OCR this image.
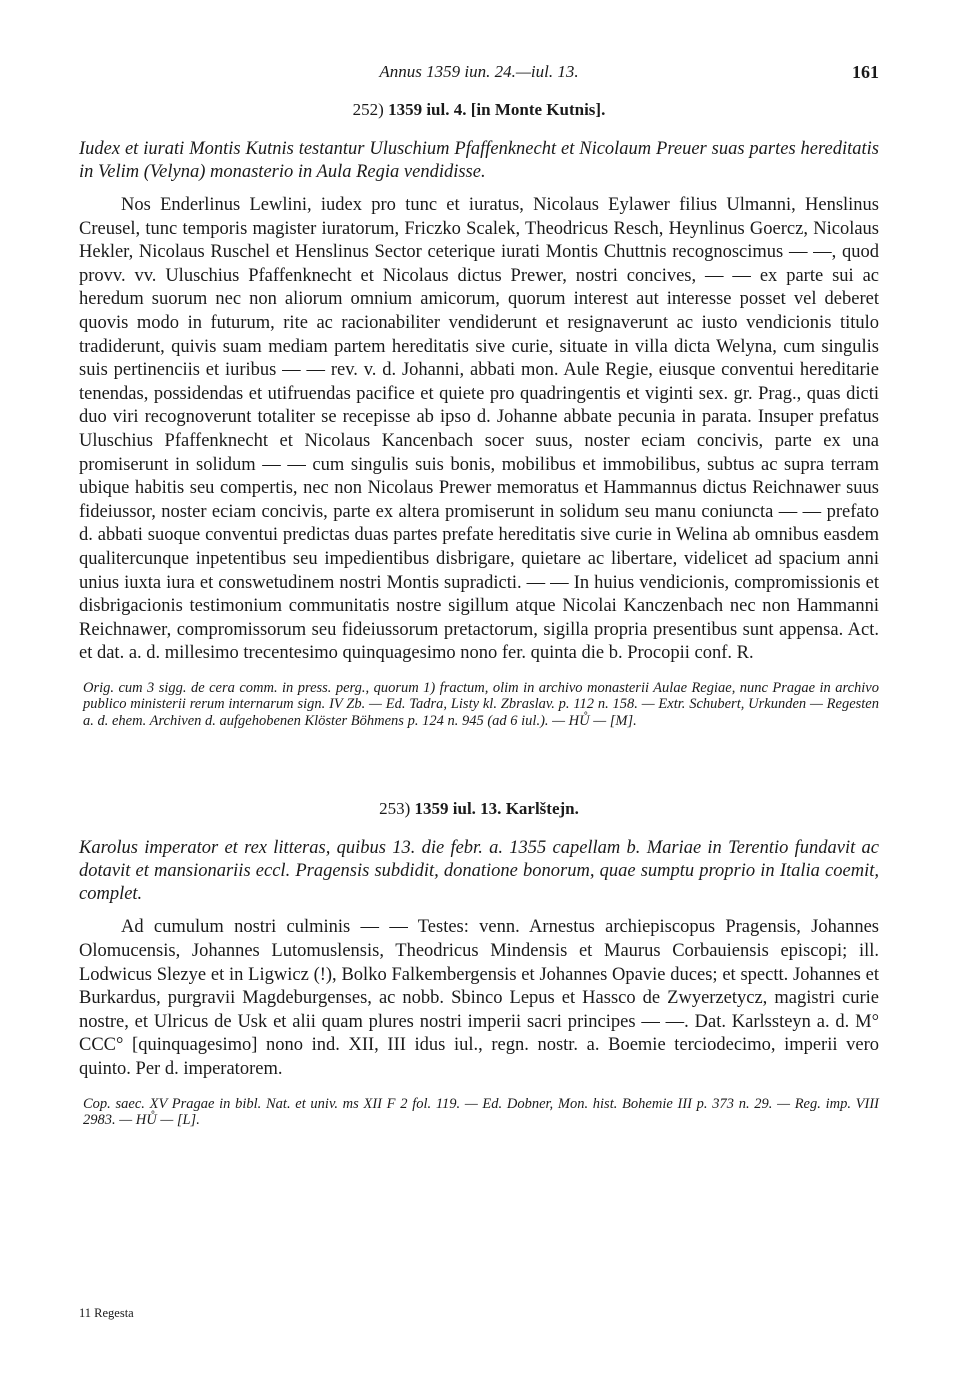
Annus 1359 iun. 24.—iul. 13.	161
252) 1359 iul. 4. [in Monte Kutnis].

Iudex et iurati Montis Kutnis testantur Uluschium Pfaffenknecht et Nicolaum Preuer suas partes hereditatis in Velim (Velyna) monasterio in Aula Regia vendidisse.

Nos Enderlinus Lewlini, iudex pro tunc et iuratus, Nicolaus Eylawer filius Ulmanni, Henslinus Creusel, tunc temporis magister iuratorum, Friczko Scalek, Theodricus Resch, Heynlinus Goercz, Nicolaus Hekler, Nicolaus Ruschel et Henslinus Sector ceterique iurati Montis Chuttnis recognoscimus — —, quod provv. vv. Uluschius Pfaffenknecht et Nicolaus dictus Prewer, nostri concives, — — ex parte sui ac heredum suorum nec non aliorum omnium amicorum, quorum interest aut interesse posset vel deberet quovis modo in futurum, rite ac racionabiliter vendiderunt et resignaverunt ac iusto vendicionis titulo tradiderunt, quivis suam mediam partem hereditatis sive curie, situate in villa dicta Welyna, cum singulis suis pertinenciis et iuribus — — rev. v. d. Johanni, abbati mon. Aule Regie, eiusque conventui hereditarie tenendas, possidendas et utifruendas pacifice et quiete pro quadringentis et viginti sex. gr. Prag., quas dicti duo viri recognoverunt totaliter se recepisse ab ipso d. Johanne abbate pecunia in parata. Insuper prefatus Uluschius Pfaffenknecht et Nicolaus Kancenbach socer suus, noster eciam concivis, parte ex una promiserunt in solidum — — cum singulis suis bonis, mobilibus et immobilibus, subtus ac supra terram ubique habitis seu compertis, nec non Nicolaus Prewer memoratus et Hammannus dictus Reichnawer suus fideiussor, noster eciam concivis, parte ex altera promiserunt in solidum seu manu coniuncta — — prefato d. abbati suoque conventui predictas duas partes prefate hereditatis sive curie in Welina ab omnibus easdem qualitercunque inpetentibus seu impedientibus disbrigare, quietare ac libertare, videlicet ad spacium anni unius iuxta iura et conswetudinem nostri Montis supradicti. — — In huius vendicionis, compromissionis et disbrigacionis testimonium communitatis nostre sigillum atque Nicolai Kanczenbach nec non Hammanni Reichnawer, compromissorum seu fideiussorum pretactorum, sigilla propria presentibus sunt appensa. Act. et dat. a. d. millesimo trecentesimo quinquagesimo nono fer. quinta die b. Procopii conf. R.

Orig. cum 3 sigg. de cera comm. in press. perg., quorum 1) fractum, olim in archivo monasterii Aulae Regiae, nunc Pragae in archivo publico ministerii rerum internarum sign. IV Zb. — Ed. Tadra, Listy kl. Zbraslav. p. 112 n. 158. — Extr. Schubert, Urkunden — Regesten a. d. ehem. Archiven d. aufgehobenen Klöster Böhmens p. 124 n. 945 (ad 6 iul.). — HŮ — [M].

253) 1359 iul. 13. Karlštejn.

Karolus imperator et rex litteras, quibus 13. die febr. a. 1355 capellam b. Mariae in Terentio fundavit ac dotavit et mansionariis eccl. Pragensis subdidit, donatione bonorum, quae sumptu proprio in Italia coemit, complet.

Ad cumulum nostri culminis — — Testes: venn. Arnestus archiepiscopus Pragensis, Johannes Olomucensis, Johannes Lutomuslensis, Theodricus Mindensis et Maurus Corbauiensis episcopi; ill. Lodwicus Slezye et in Ligwicz (!), Bolko Falkembergensis et Johannes Opavie duces; et spectt. Johannes et Burkardus, purgravii Magdeburgenses, ac nobb. Sbinco Lepus et Hassco de Zwyerzetycz, magistri curie nostre, et Ulricus de Usk et alii quam plures nostri imperii sacri principes — —. Dat. Karlssteyn a. d. M° CCC° [quinquagesimo] nono ind. XII, III idus iul., regn. nostr. a. Boemie terciodecimo, imperii vero quinto. Per d. imperatorem.

Cop. saec. XV Pragae in bibl. Nat. et univ. ms XII F 2 fol. 119. — Ed. Dobner, Mon. hist. Bohemie III p. 373 n. 29. — Reg. imp. VIII 2983. — HŮ — [L].

11 Regesta
